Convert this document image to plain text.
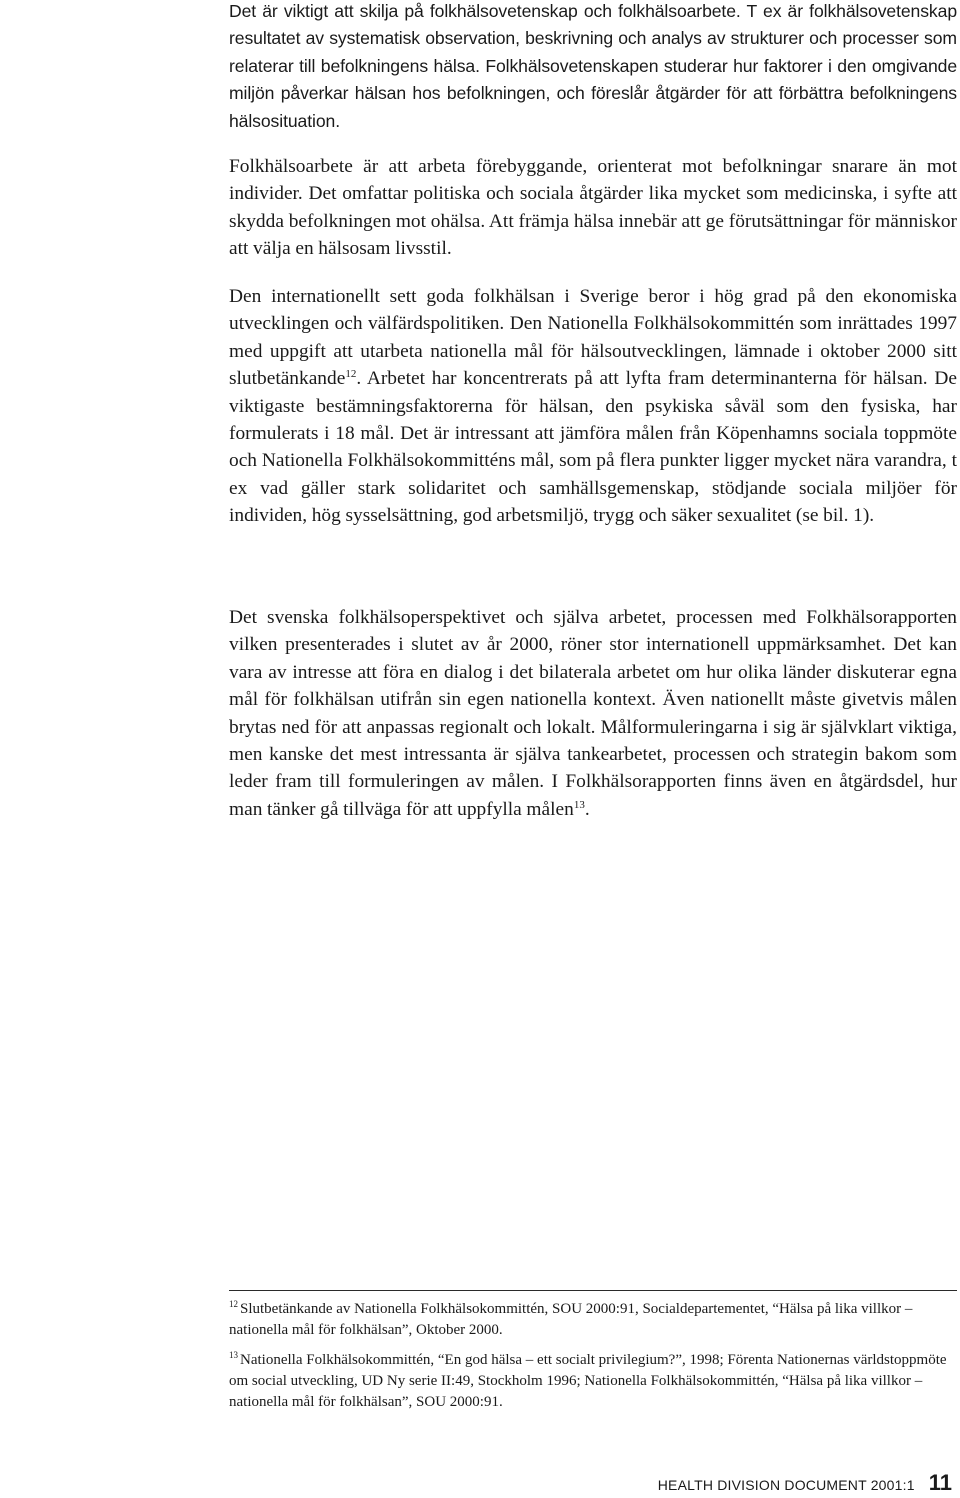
Det är viktigt att skilja på folkhälsovetenskap och folkhälsoarbete. T ex är folkhälsovetenskap resultatet av systematisk observation, beskrivning och analys av strukturer och processer som relaterar till befolkningens hälsa. Folkhälsovetenskapen studerar hur faktorer i den omgivande miljön påverkar hälsan hos befolkningen, och föreslår åtgärder för att förbättra befolkningens hälsosituation.

Folkhälsoarbete är att arbeta förebyggande, orienterat mot befolkningar snarare än mot individer. Det omfattar politiska och sociala åtgärder lika mycket som medicinska, i syfte att skydda befolkningen mot ohälsa. Att främja hälsa innebär att ge förutsättningar för människor att välja en hälsosam livsstil.

Den internationellt sett goda folkhälsan i Sverige beror i hög grad på den ekonomiska utvecklingen och välfärdspolitiken. Den Nationella Folkhälsokommittén som inrättades 1997 med uppgift att utarbeta nationella mål för hälsoutvecklingen, lämnade i oktober 2000 sitt slutbetänkande$^{12}$. Arbetet har koncentrerats på att lyfta fram determinanterna för hälsan. De viktigaste bestämningsfaktorerna för hälsan, den psykiska såväl som den fysiska, har formulerats i 18 mål. Det är intressant att jämföra målen från Köpenhamns sociala toppmöte och Nationella Folkhälsokommitténs mål, som på flera punkter ligger mycket nära varandra, t ex vad gäller stark solidaritet och samhällsgemenskap, stödjande sociala miljöer för individen, hög sysselsättning, god arbetsmiljö, trygg och säker sexualitet (se bil. 1).

Det svenska folkhälsoperspektivet och själva arbetet, processen med Folkhälsorapporten vilken presenterades i slutet av år 2000, röner stor internationell uppmärksamhet. Det kan vara av intresse att föra en dialog i det bilaterala arbetet om hur olika länder diskuterar egna mål för folkhälsan utifrån sin egen nationella kontext. Även nationellt måste givetvis målen brytas ned för att anpassas regionalt och lokalt. Målformuleringarna i sig är självklart viktiga, men kanske det mest intressanta är själva tankearbetet, processen och strategin bakom som leder fram till formuleringen av målen. I Folkhälsorapporten finns även en åtgärdsdel, hur man tänker gå tillväga för att uppfylla målen$^{13}$.

$^{12}$ Slutbetänkande av Nationella Folkhälsokommittén, SOU 2000:91, Socialdepartementet, “Hälsa på lika villkor – nationella mål för folkhälsan”, Oktober 2000.

$^{13}$ Nationella Folkhälsokommittén, “En god hälsa – ett socialt privilegium?”, 1998; Förenta Nationernas världstoppmöte om social utveckling, UD Ny serie II:49, Stockholm 1996; Nationella Folkhälsokommittén, “Hälsa på lika villkor – nationella mål för folkhälsan”, SOU 2000:91.

HEALTH DIVISION DOCUMENT 2001:1 11
